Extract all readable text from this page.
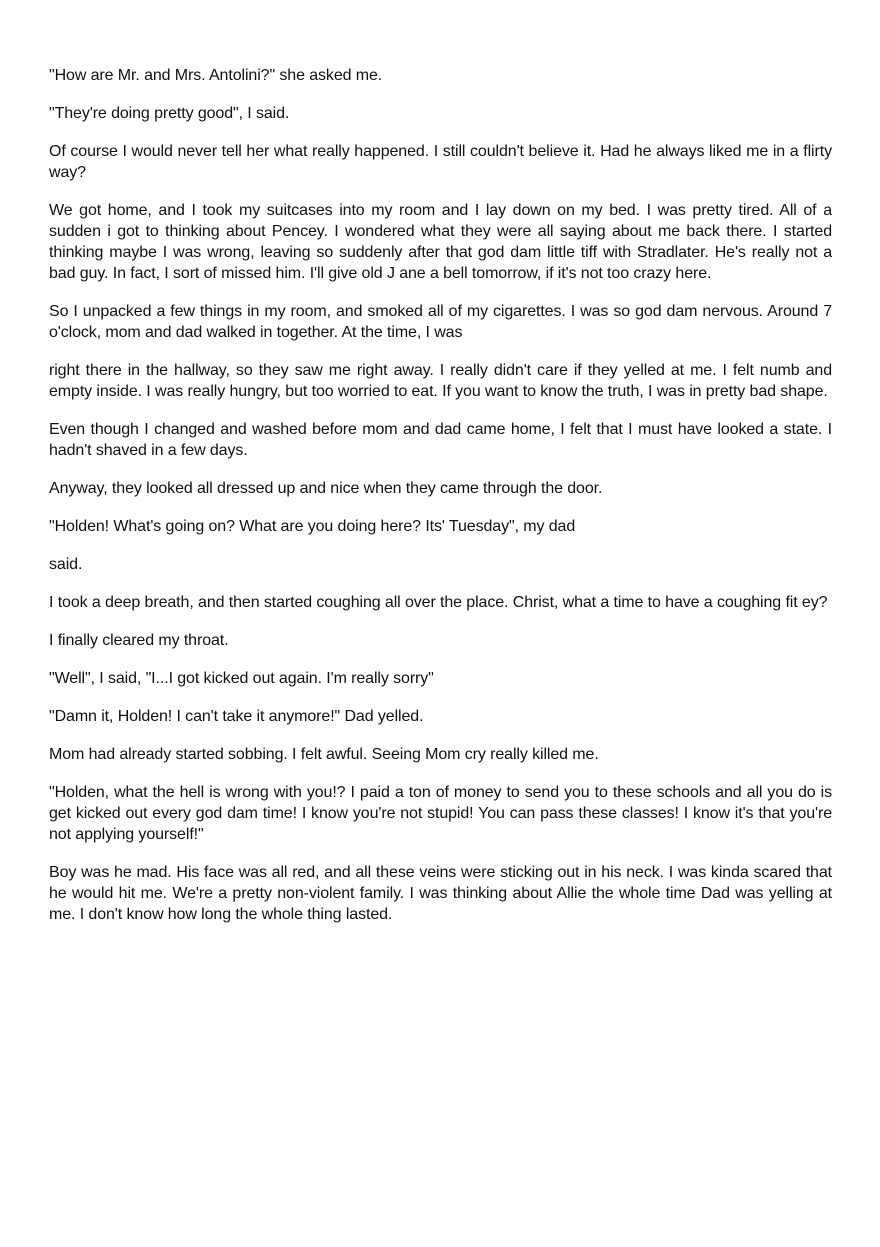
"How are Mr. and Mrs. Antolini?" she asked me.

"They're doing pretty good", I said.

Of course I would never tell her what really happened. I still couldn't believe it. Had he always liked me in a flirty way?

We got home, and I took my suitcases into my room and I lay down on my bed. I was pretty tired. All of a sudden i got to thinking about Pencey. I wondered what they were all saying about me back there. I started thinking maybe I was wrong, leaving so suddenly after that god dam little tiff with Stradlater. He's really not a bad guy. In fact, I sort of missed him. I'll give old J ane a bell tomorrow, if it's not too crazy here.

So I unpacked a few things in my room, and smoked all of my cigarettes. I was so god dam nervous. Around 7 o'clock, mom and dad walked in together. At the time, I was

right there in the hallway, so they saw me right away. I really didn't care if they yelled at me. I felt numb and empty inside. I was really hungry, but too worried to eat. If you want to know the truth, I was in pretty bad shape.

Even though I changed and washed before mom and dad came home, I felt that I must have looked a state. I hadn't shaved in a few days.

Anyway, they looked all dressed up and nice when they came through the door.

"Holden! What's going on? What are you doing here? Its' Tuesday", my dad

said.

I took a deep breath, and then started coughing all over the place. Christ, what a time to have a coughing fit ey?

I finally cleared my throat.

"Well", I said, "I...I got kicked out again. I'm really sorry"

"Damn it, Holden! I can't take it anymore!" Dad yelled.

Mom had already started sobbing. I felt awful. Seeing Mom cry really killed me.

"Holden, what the hell is wrong with you!? I paid a ton of money to send you to these schools and all you do is get kicked out every god dam time! I know you're not stupid! You can pass these classes! I know it's that you're not applying yourself!"

Boy was he mad. His face was all red, and all these veins were sticking out in his neck. I was kinda scared that he would hit me. We're a pretty non-violent family. I was thinking about Allie the whole time Dad was yelling at me. I don't know how long the whole thing lasted.
